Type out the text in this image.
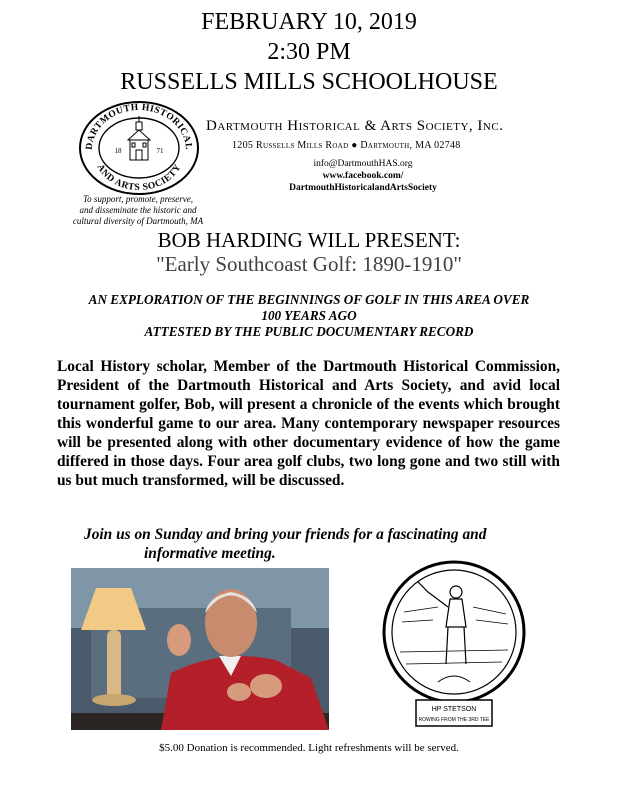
FEBRUARY 10, 2019
2:30 PM
RUSSELLS MILLS SCHOOLHOUSE
DARTMOUTH HISTORICAL
AND ARTS SOCIETY
18	71
To support, promote, preserve,
and disseminate the historic and
cultural diversity of Dartmouth, MA
Dartmouth Historical & Arts Society, Inc.
1205 Russells Mills Road ● Dartmouth, MA 02748
info@DartmouthHAS.org
www.facebook.com/
DartmouthHistoricalandArtsSociety
BOB HARDING WILL PRESENT:
"Early Southcoast Golf: 1890-1910"
AN EXPLORATION OF THE BEGINNINGS OF GOLF IN THIS AREA OVER
100 YEARS AGO
ATTESTED BY THE PUBLIC DOCUMENTARY RECORD
Local History scholar, Member of the Dartmouth Historical Commission, President of the Dartmouth Historical and Arts Society, and avid local tournament golfer, Bob, will present a chronicle of the events which brought this wonderful game to our area. Many contemporary newspaper resources will be presented along with other documentary evidence of how the game differed in those days. Four area golf clubs, two long gone and two still with us but much transformed, will be discussed.
Join us on Sunday and bring your friends for a fascinating and
informative meeting.
HP STETSON
ROWING FROM THE 3RD TEE
$5.00 Donation is recommended. Light refreshments will be served.
